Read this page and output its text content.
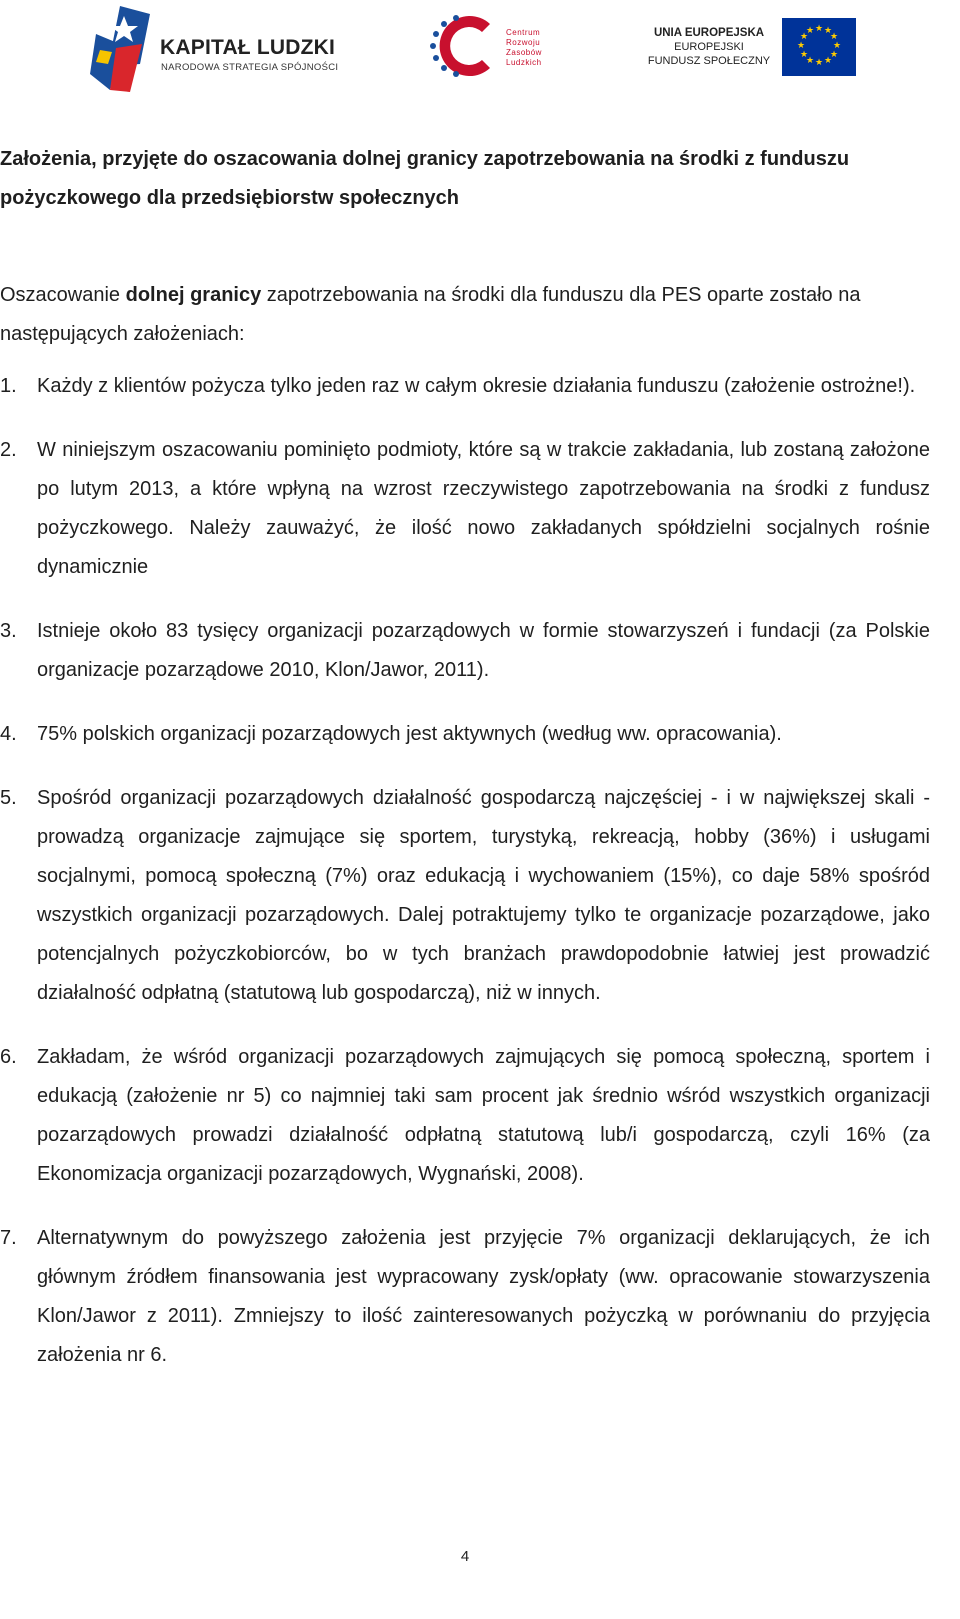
KAPITAŁ LUDZKI
NARODOWA STRATEGIA SPÓJNOŚCI
Centrum
Rozwoju
Zasobów
Ludzkich
UNIA EUROPEJSKA
EUROPEJSKI
FUNDUSZ SPOŁECZNY
★ ★
★
★
★
★
★
★
★
★
★
★

Założenia, przyjęte do oszacowania dolnej granicy zapotrzebowania na środki z funduszu pożyczkowego dla przedsiębiorstw społecznych

Oszacowanie dolnej granicy zapotrzebowania na środki dla funduszu dla PES oparte zostało na następujących założeniach:

1. Każdy z klientów pożycza tylko jeden raz w całym okresie działania funduszu (założenie ostrożne!).
2. W niniejszym oszacowaniu pominięto podmioty, które są w trakcie zakładania, lub zostaną założone po lutym 2013, a które wpłyną na wzrost rzeczywistego zapotrzebowania na środki z fundusz pożyczkowego. Należy zauważyć, że ilość nowo zakładanych spółdzielni socjalnych rośnie dynamicznie
3. Istnieje około 83 tysięcy organizacji pozarządowych w formie stowarzyszeń i fundacji (za Polskie organizacje pozarządowe 2010, Klon/Jawor, 2011).
4. 75% polskich organizacji pozarządowych jest aktywnych (według ww. opracowania).
5. Spośród organizacji pozarządowych działalność gospodarczą najczęściej - i w największej skali - prowadzą organizacje zajmujące się sportem, turystyką, rekreacją, hobby (36%) i usługami socjalnymi, pomocą społeczną (7%) oraz edukacją i wychowaniem (15%), co daje 58% spośród wszystkich organizacji pozarządowych. Dalej potraktujemy tylko te organizacje pozarządowe, jako potencjalnych pożyczkobiorców, bo w tych branżach prawdopodobnie łatwiej jest prowadzić działalność odpłatną (statutową lub gospodarczą), niż w innych.
6. Zakładam, że wśród organizacji pozarządowych zajmujących się pomocą społeczną, sportem i edukacją (założenie nr 5) co najmniej taki sam procent jak średnio wśród wszystkich organizacji pozarządowych prowadzi działalność odpłatną statutową lub/i gospodarczą, czyli 16% (za Ekonomizacja organizacji pozarządowych, Wygnański, 2008).
7. Alternatywnym do powyższego założenia jest przyjęcie 7% organizacji deklarujących, że ich głównym źródłem finansowania jest wypracowany zysk/opłaty (ww. opracowanie stowarzyszenia Klon/Jawor z 2011). Zmniejszy to ilość zainteresowanych pożyczką w porównaniu do przyjęcia założenia nr 6.
4
